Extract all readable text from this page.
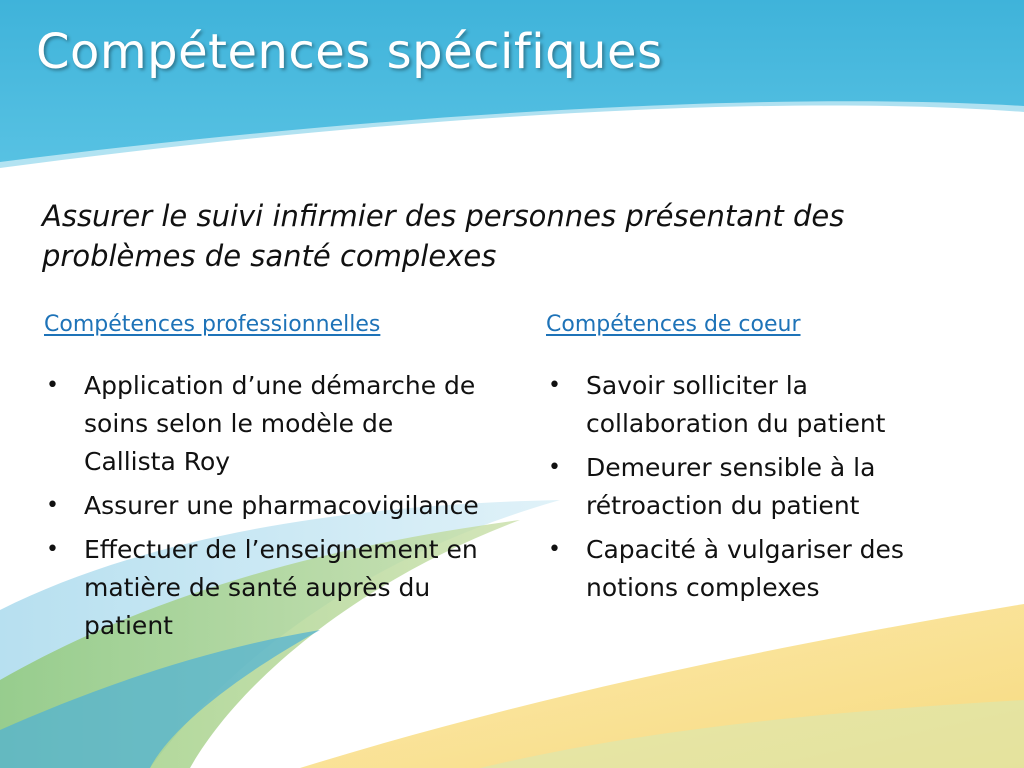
Compétences spécifiques

Assurer le suivi infirmier des personnes présentant des problèmes de santé complexes

Compétences professionnelles
• Application d’une démarche de soins selon le modèle de Callista Roy
• Assurer une pharmacovigilance
• Effectuer de l’enseignement en matière de santé auprès du patient
Compétences de coeur
• Savoir solliciter la collaboration du patient
• Demeurer sensible à la rétroaction du patient
• Capacité à vulgariser des notions complexes
